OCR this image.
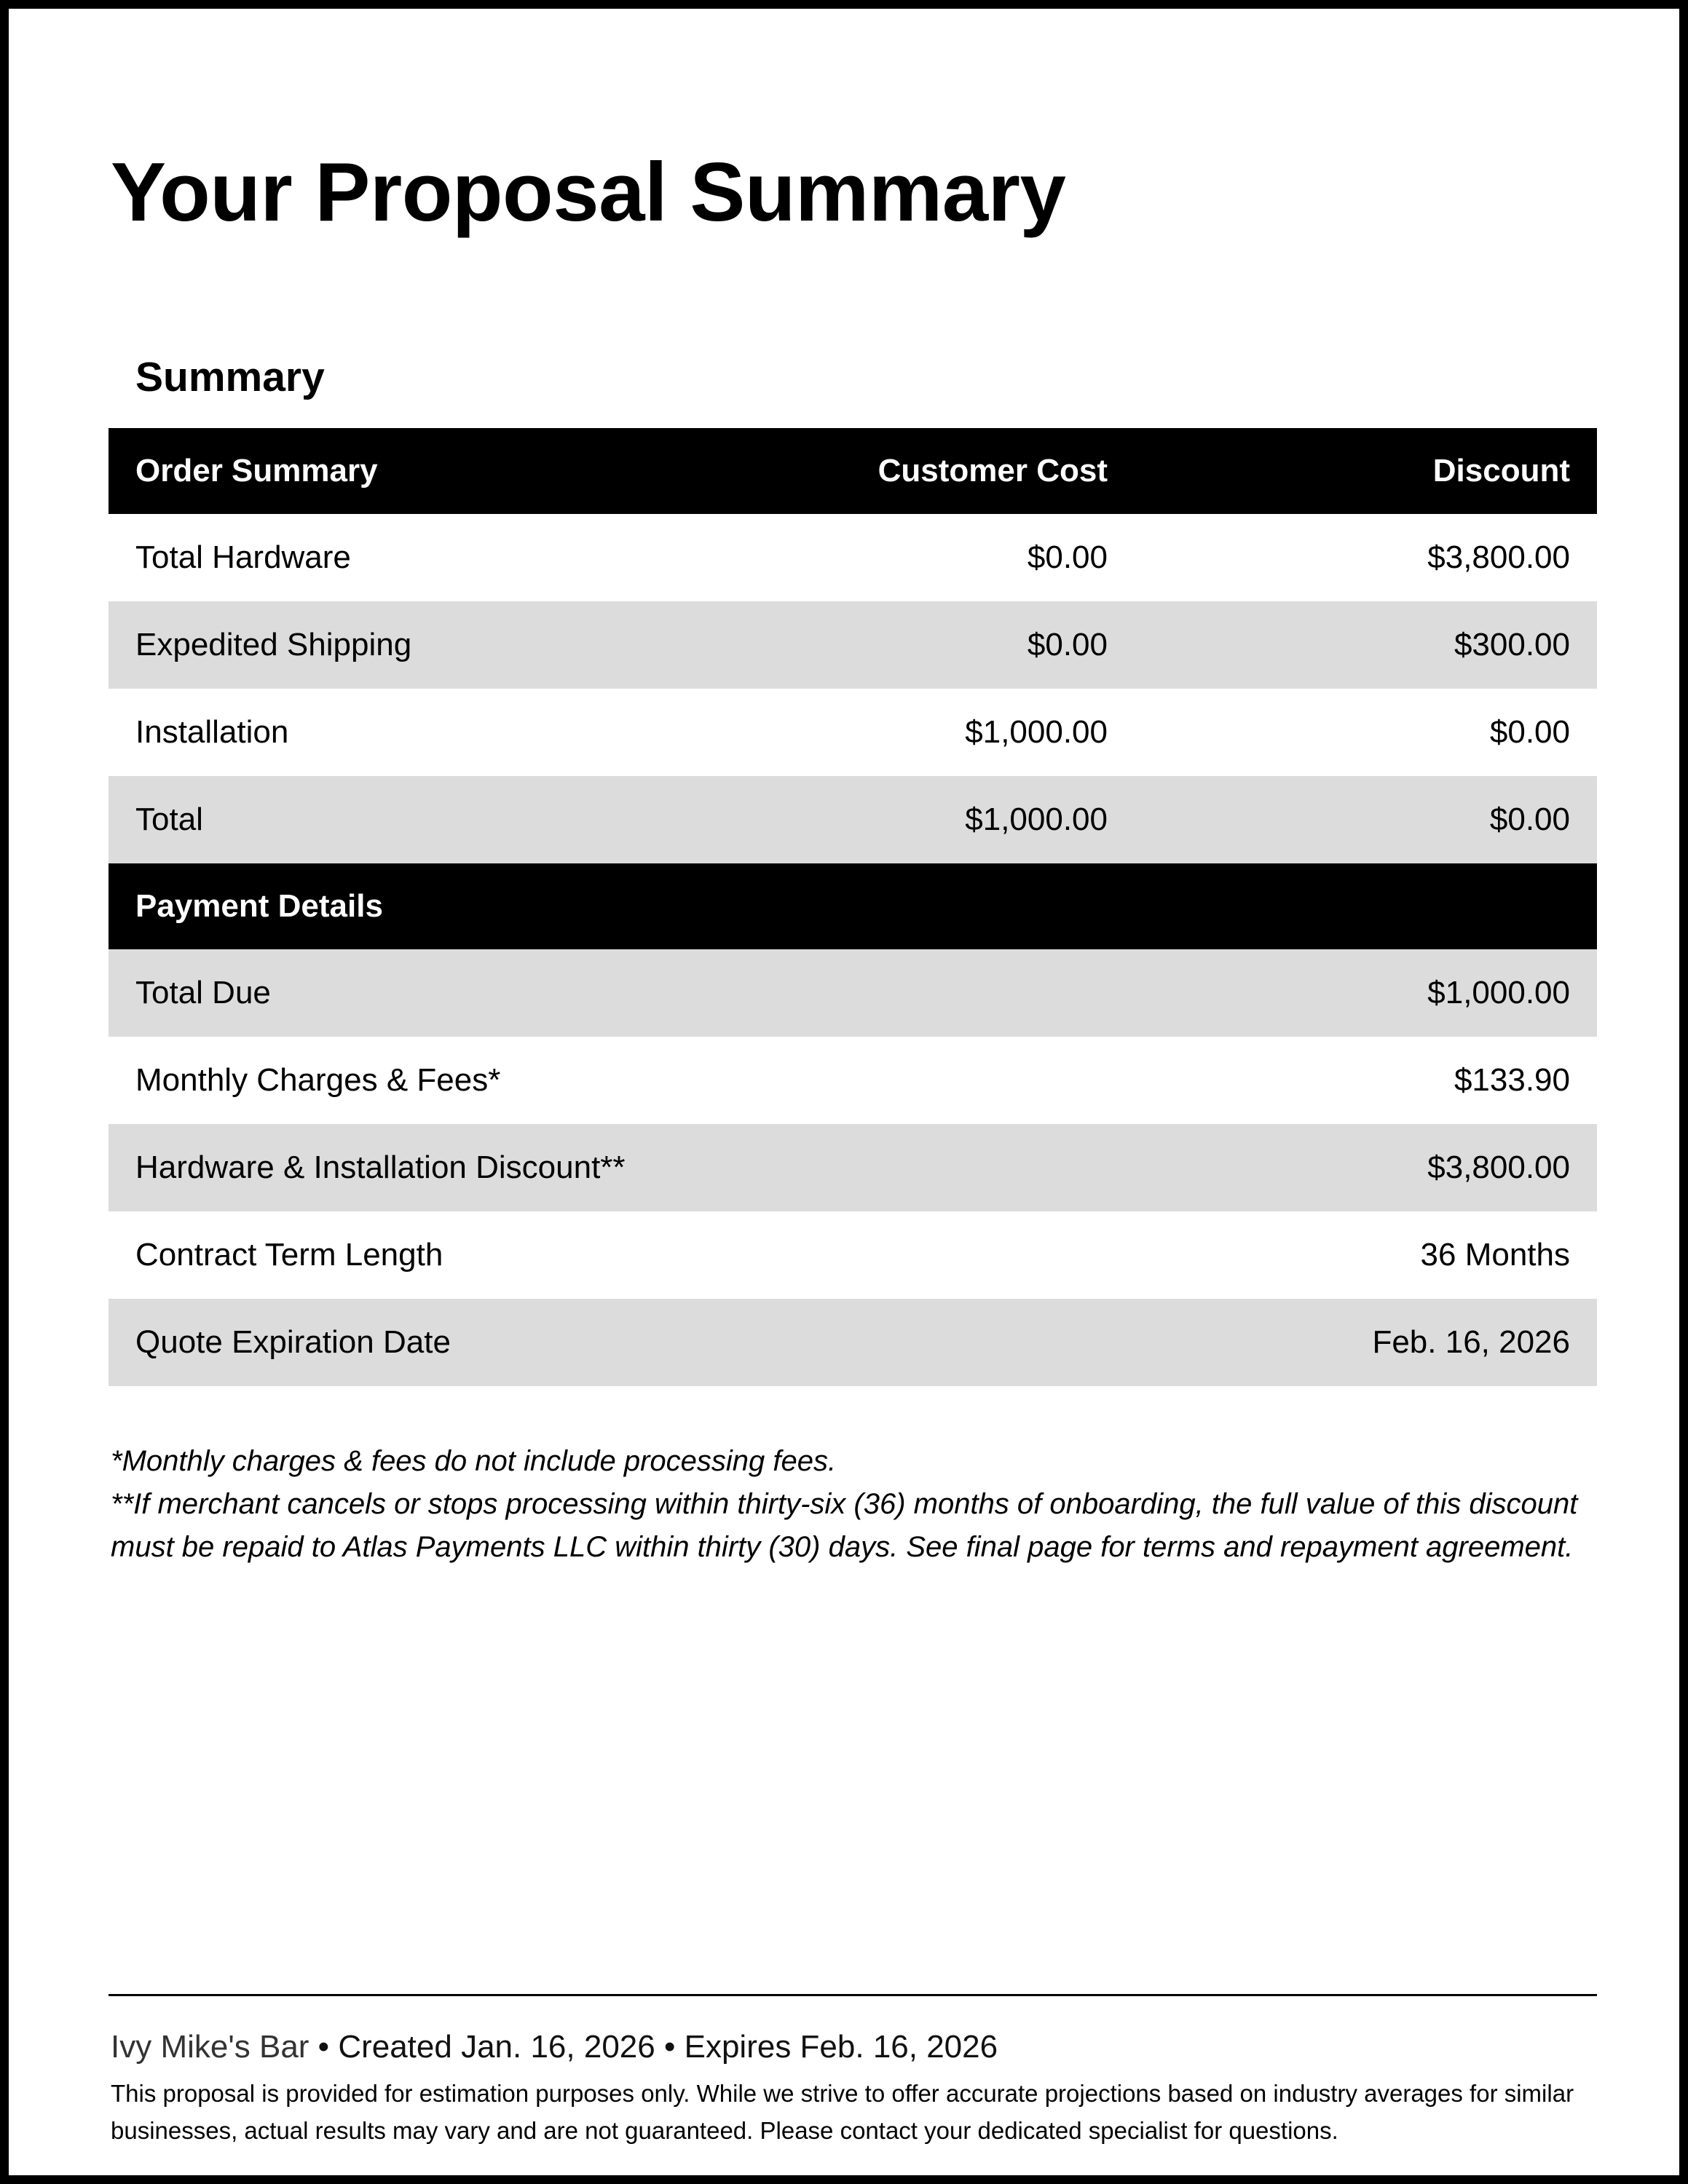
Your Proposal Summary
Summary
Order Summary	Customer Cost	Discount
Total Hardware	$0.00	$3,800.00
Expedited Shipping	$0.00	$300.00
Installation	$1,000.00	$0.00
Total	$1,000.00	$0.00
Payment Details
Total Due	$1,000.00
Monthly Charges & Fees*	$133.90
Hardware & Installation Discount**	$3,800.00
Contract Term Length	36 Months
Quote Expiration Date	Feb. 16, 2026

*Monthly charges & fees do not include processing fees.

**If merchant cancels or stops processing within thirty-six (36) months of onboarding, the full value of this discount must be repaid to Atlas Payments LLC within thirty (30) days. See final page for terms and repayment agreement.

Ivy Mike's Bar • Created Jan. 16, 2026 • Expires Feb. 16, 2026
This proposal is provided for estimation purposes only. While we strive to offer accurate projections based on industry averages for similar businesses, actual results may vary and are not guaranteed. Please contact your dedicated specialist for questions.
